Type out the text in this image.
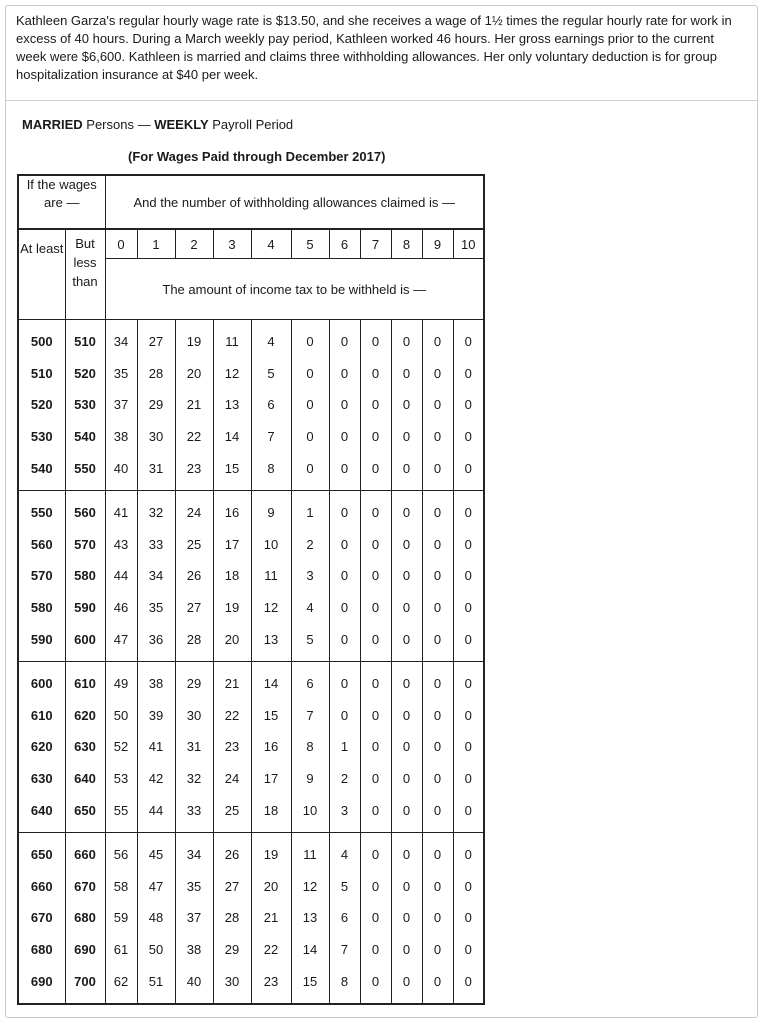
Kathleen Garza's regular hourly wage rate is $13.50, and she receives a wage of 1½ times the regular hourly rate for work in excess of 40 hours. During a March weekly pay period, Kathleen worked 46 hours. Her gross earnings prior to the current week were $6,600. Kathleen is married and claims three withholding allowances. Her only voluntary deduction is for group hospitalization insurance at $40 per week.
MARRIED Persons — WEEKLY Payroll Period
(For Wages Paid through December 2017)
If the wages are —		And the number of withholding allowances claimed is —										
At least	But less than	0	1	2	3	4	5	6	7	8	9	10
		The amount of income tax to be withheld is —										
500	510	34	27	19	11	4	0	0	0	0	0	0
510	520	35	28	20	12	5	0	0	0	0	0	0
520	530	37	29	21	13	6	0	0	0	0	0	0
530	540	38	30	22	14	7	0	0	0	0	0	0
540	550	40	31	23	15	8	0	0	0	0	0	0
550	560	41	32	24	16	9	1	0	0	0	0	0
560	570	43	33	25	17	10	2	0	0	0	0	0
570	580	44	34	26	18	11	3	0	0	0	0	0
580	590	46	35	27	19	12	4	0	0	0	0	0
590	600	47	36	28	20	13	5	0	0	0	0	0
600	610	49	38	29	21	14	6	0	0	0	0	0
610	620	50	39	30	22	15	7	0	0	0	0	0
620	630	52	41	31	23	16	8	1	0	0	0	0
630	640	53	42	32	24	17	9	2	0	0	0	0
640	650	55	44	33	25	18	10	3	0	0	0	0
650	660	56	45	34	26	19	11	4	0	0	0	0
660	670	58	47	35	27	20	12	5	0	0	0	0
670	680	59	48	37	28	21	13	6	0	0	0	0
680	690	61	50	38	29	22	14	7	0	0	0	0
690	700	62	51	40	30	23	15	8	0	0	0	0
